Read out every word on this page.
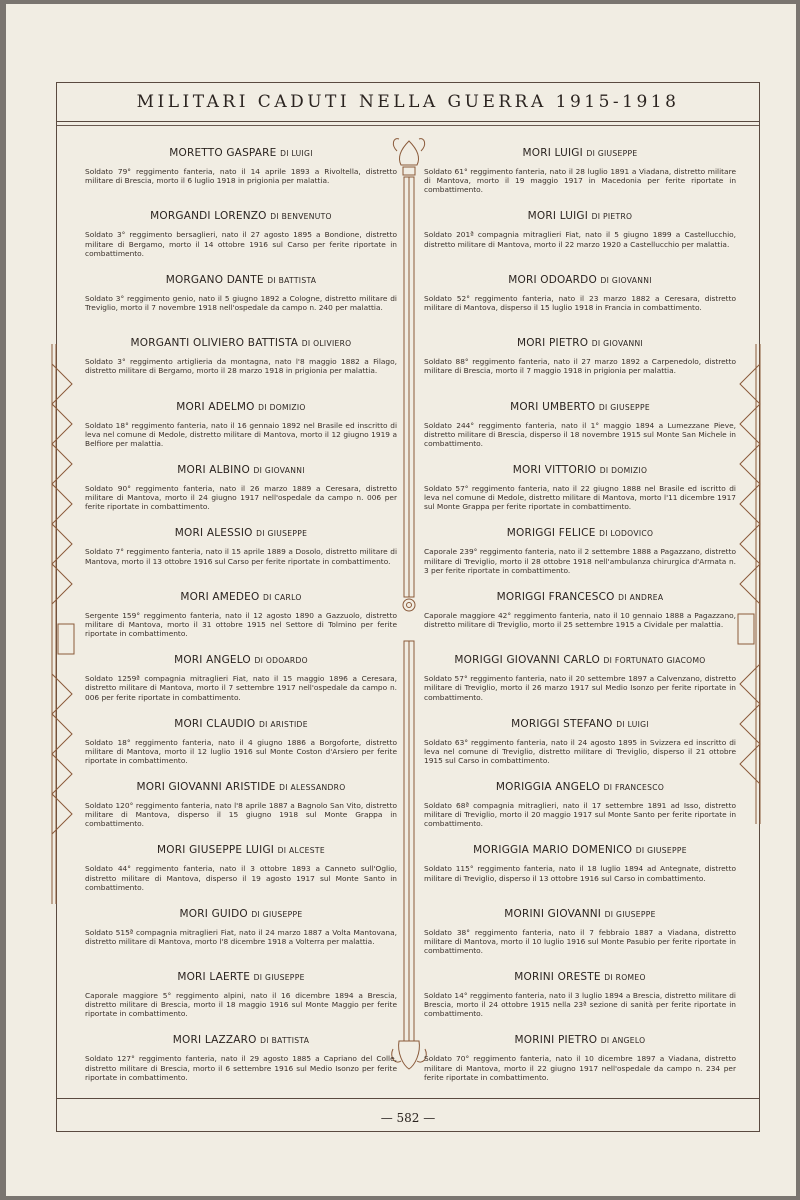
MILITARI CADUTI NELLA GUERRA 1915-1918
MORETTO GASPARE DI LUIGI
Soldato 79° reggimento fanteria, nato il 14 aprile 1893 a Rivoltella, distretto militare di Brescia, morto il 6 luglio 1918 in prigionia per malattia.
MORGANDI LORENZO DI BENVENUTO
Soldato 3° reggimento bersaglieri, nato il 27 agosto 1895 a Bondione, distretto militare di Bergamo, morto il 14 ottobre 1916 sul Carso per ferite riportate in combattimento.
MORGANO DANTE DI BATTISTA
Soldato 3° reggimento genio, nato il 5 giugno 1892 a Cologne, distretto militare di Treviglio, morto il 7 novembre 1918 nell'ospedale da campo n. 240 per malattia.
MORGANTI OLIVIERO BATTISTA DI OLIVIERO
Soldato 3° reggimento artiglieria da montagna, nato l'8 maggio 1882 a Filago, distretto militare di Bergamo, morto il 28 marzo 1918 in prigionia per malattia.
MORI ADELMO DI DOMIZIO
Soldato 18° reggimento fanteria, nato il 16 gennaio 1892 nel Brasile ed inscritto di leva nel comune di Medole, distretto militare di Mantova, morto il 12 giugno 1919 a Belfiore per malattia.
MORI ALBINO DI GIOVANNI
Soldato 90° reggimento fanteria, nato il 26 marzo 1889 a Ceresara, distretto militare di Mantova, morto il 24 giugno 1917 nell'ospedale da campo n. 006 per ferite riportate in combattimento.
MORI ALESSIO DI GIUSEPPE
Soldato 7° reggimento fanteria, nato il 15 aprile 1889 a Dosolo, distretto militare di Mantova, morto il 13 ottobre 1916 sul Carso per ferite riportate in combattimento.
MORI AMEDEO DI CARLO
Sergente 159° reggimento fanteria, nato il 12 agosto 1890 a Gazzuolo, distretto militare di Mantova, morto il 31 ottobre 1915 nel Settore di Tolmino per ferite riportate in combattimento.
MORI ANGELO DI ODOARDO
Soldato 1259ª compagnia mitraglieri Fiat, nato il 15 maggio 1896 a Ceresara, distretto militare di Mantova, morto il 7 settembre 1917 nell'ospedale da campo n. 006 per ferite riportate in combattimento.
MORI CLAUDIO DI ARISTIDE
Soldato 18° reggimento fanteria, nato il 4 giugno 1886 a Borgoforte, distretto militare di Mantova, morto il 12 luglio 1916 sul Monte Coston d'Arsiero per ferite riportate in combattimento.
MORI GIOVANNI ARISTIDE DI ALESSANDRO
Soldato 120° reggimento fanteria, nato l'8 aprile 1887 a Bagnolo San Vito, distretto militare di Mantova, disperso il 15 giugno 1918 sul Monte Grappa in combattimento.
MORI GIUSEPPE LUIGI DI ALCESTE
Soldato 44° reggimento fanteria, nato il 3 ottobre 1893 a Canneto sull'Oglio, distretto militare di Mantova, disperso il 19 agosto 1917 sul Monte Santo in combattimento.
MORI GUIDO DI GIUSEPPE
Soldato 515ª compagnia mitraglieri Fiat, nato il 24 marzo 1887 a Volta Mantovana, distretto militare di Mantova, morto l'8 dicembre 1918 a Volterra per malattia.
MORI LAERTE DI GIUSEPPE
Caporale maggiore 5° reggimento alpini, nato il 16 dicembre 1894 a Brescia, distretto militare di Brescia, morto il 18 maggio 1916 sul Monte Maggio per ferite riportate in combattimento.
MORI LAZZARO DI BATTISTA
Soldato 127° reggimento fanteria, nato il 29 agosto 1885 a Capriano del Colle, distretto militare di Brescia, morto il 6 settembre 1916 sul Medio Isonzo per ferite riportate in combattimento.
MORI LUIGI DI GIUSEPPE
Soldato 61° reggimento fanteria, nato il 28 luglio 1891 a Viadana, distretto militare di Mantova, morto il 19 maggio 1917 in Macedonia per ferite riportate in combattimento.
MORI LUIGI DI PIETRO
Soldato 201ª compagnia mitraglieri Fiat, nato il 5 giugno 1899 a Castellucchio, distretto militare di Mantova, morto il 22 marzo 1920 a Castellucchio per malattia.
MORI ODOARDO DI GIOVANNI
Soldato 52° reggimento fanteria, nato il 23 marzo 1882 a Ceresara, distretto militare di Mantova, disperso il 15 luglio 1918 in Francia in combattimento.
MORI PIETRO DI GIOVANNI
Soldato 88° reggimento fanteria, nato il 27 marzo 1892 a Carpenedolo, distretto militare di Brescia, morto il 7 maggio 1918 in prigionia per malattia.
MORI UMBERTO DI GIUSEPPE
Soldato 244° reggimento fanteria, nato il 1° maggio 1894 a Lumezzane Pieve, distretto militare di Brescia, disperso il 18 novembre 1915 sul Monte San Michele in combattimento.
MORI VITTORIO DI DOMIZIO
Soldato 57° reggimento fanteria, nato il 22 giugno 1888 nel Brasile ed iscritto di leva nel comune di Medole, distretto militare di Mantova, morto l'11 dicembre 1917 sul Monte Grappa per ferite riportate in combattimento.
MORIGGI FELICE DI LODOVICO
Caporale 239° reggimento fanteria, nato il 2 settembre 1888 a Pagazzano, distretto militare di Treviglio, morto il 28 ottobre 1918 nell'ambulanza chirurgica d'Armata n. 3 per ferite riportate in combattimento.
MORIGGI FRANCESCO DI ANDREA
Caporale maggiore 42° reggimento fanteria, nato il 10 gennaio 1888 a Pagazzano, distretto militare di Treviglio, morto il 25 settembre 1915 a Cividale per malattia.
MORIGGI GIOVANNI CARLO DI FORTUNATO GIACOMO
Soldato 57° reggimento fanteria, nato il 20 settembre 1897 a Calvenzano, distretto militare di Treviglio, morto il 26 marzo 1917 sul Medio Isonzo per ferite riportate in combattimento.
MORIGGI STEFANO DI LUIGI
Soldato 63° reggimento fanteria, nato il 24 agosto 1895 in Svizzera ed inscritto di leva nel comune di Treviglio, distretto militare di Treviglio, disperso il 21 ottobre 1915 sul Carso in combattimento.
MORIGGIA ANGELO DI FRANCESCO
Soldato 68ª compagnia mitraglieri, nato il 17 settembre 1891 ad Isso, distretto militare di Treviglio, morto il 20 maggio 1917 sul Monte Santo per ferite riportate in combattimento.
MORIGGIA MARIO DOMENICO DI GIUSEPPE
Soldato 115° reggimento fanteria, nato il 18 luglio 1894 ad Antegnate, distretto militare di Treviglio, disperso il 13 ottobre 1916 sul Carso in combattimento.
MORINI GIOVANNI DI GIUSEPPE
Soldato 38° reggimento fanteria, nato il 7 febbraio 1887 a Viadana, distretto militare di Mantova, morto il 10 luglio 1916 sul Monte Pasubio per ferite riportate in combattimento.
MORINI ORESTE DI ROMEO
Soldato 14° reggimento fanteria, nato il 3 luglio 1894 a Brescia, distretto militare di Brescia, morto il 24 ottobre 1915 nella 23ª sezione di sanità per ferite riportate in combattimento.
MORINI PIETRO DI ANGELO
Soldato 70° reggimento fanteria, nato il 10 dicembre 1897 a Viadana, distretto militare di Mantova, morto il 22 giugno 1917 nell'ospedale da campo n. 234 per ferite riportate in combattimento.
— 582 —
